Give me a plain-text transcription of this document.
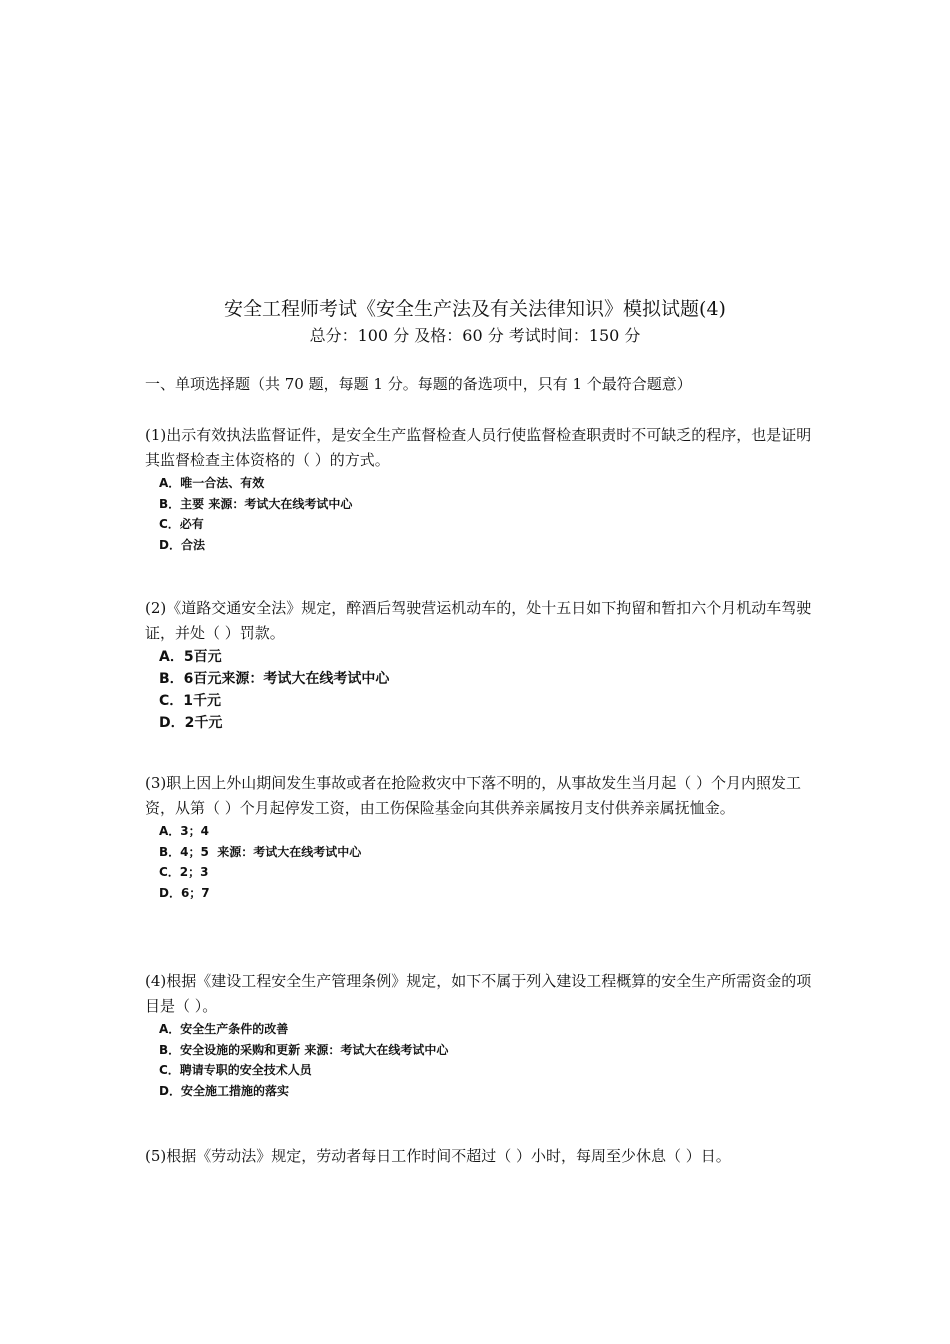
安全工程师考试《安全生产法及有关法律知识》模拟试题(4)
总分：100 分 及格：60 分 考试时间：150 分
一、单项选择题（共 70 题，每题 1 分。每题的备选项中，只有 1 个最符合题意）

(1)出示有效执法监督证件，是安全生产监督检查人员行使监督检查职责时不可缺乏的程序，也是证明其监督检查主体资格的（ ）的方式。

A．唯一合法、有效
B．主要 来源：考试大在线考试中心
C．必有
D．合法

(2)《道路交通安全法》规定，醉酒后驾驶营运机动车的，处十五日如下拘留和暂扣六个月机动车驾驶证，并处（ ）罚款。

A．5百元
B．6百元来源：考试大在线考试中心
C．1千元
D．2千元

(3)职上因上外山期间发生事故或者在抢险救灾中下落不明的，从事故发生当月起（ ）个月内照发工资，从第（ ）个月起停发工资，由工伤保险基金向其供养亲属按月支付供养亲属抚恤金。

A．3；4
B．4；5 来源：考试大在线考试中心
C．2；3
D．6；7

(4)根据《建设工程安全生产管理条例》规定，如下不属于列入建设工程概算的安全生产所需资金的项目是（ ）。

A．安全生产条件的改善
B．安全设施的采购和更新 来源：考试大在线考试中心
C．聘请专职的安全技术人员
D．安全施工措施的落实

(5)根据《劳动法》规定，劳动者每日工作时间不超过（ ）小时，每周至少休息（ ）日。
